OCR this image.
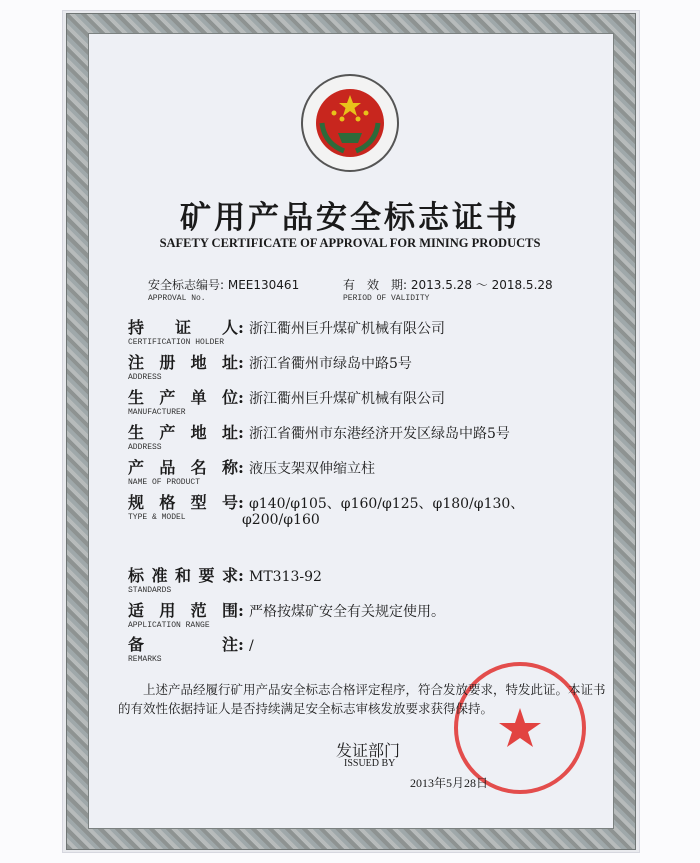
矿用产品安全标志证书
SAFETY CERTIFICATE OF APPROVAL FOR MINING PRODUCTS
安全标志编号: MEE130461
APPROVAL No.
有　效　期: 2013.5.28 ～ 2018.5.28
PERIOD OF VALIDITY
持证人: 浙江衢州巨升煤矿机械有限公司
CERTIFICATION HOLDER
注册地址: 浙江省衢州市绿岛中路5号
ADDRESS
生产单位: 浙江衢州巨升煤矿机械有限公司
MANUFACTURER
生产地址: 浙江省衢州市东港经济开发区绿岛中路5号
ADDRESS
产品名称: 液压支架双伸缩立柱
NAME OF PRODUCT
规格型号: φ140/φ105、φ160/φ125、φ180/φ130、
TYPE & MODEL	φ200/φ160
标准和要求: MT313-92
STANDARDS
适用范围: 严格按煤矿安全有关规定使用。
APPLICATION RANGE
备注: /
REMARKS
上述产品经履行矿用产品安全标志合格评定程序，符合发放要求，特发此证。本证书的有效性依据持证人是否持续满足安全标志审核发放要求获得保持。
发证部门
ISSUED BY
2013年5月28日
